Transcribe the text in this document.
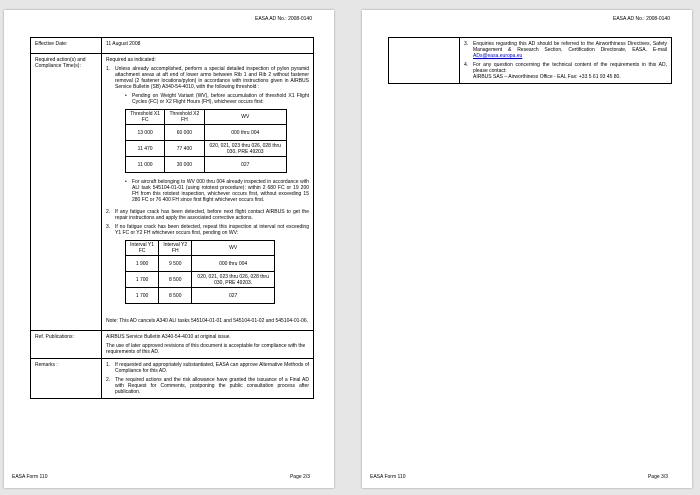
EASA AD No.: 2008-0140
Effective Date:	11 August 2008
Required action(s) and Compliance Time(s):	

Required as indicated:

1. Unless already accomplished, perform a special detailed inspection of pylon pyramid attachment areas at aft end of lower arms between Rib 1 and Rib 2 without fastener removal (2 fastener locations/pylon) in accordance with instructions given in AIRBUS Service Bulletin (SB) A340-54-4010, with the following threshold :
•	Pending on Weight Variant (WV), before accumulation of threshold X1 Flight Cycles (FC) or X2 Flight Hours (FH), whichever occurs first:
Threshold X1 FC	Threshold X2 FH	WV
13 000	60 000	000 thru 004
11 470	77 400	020, 021, 023 thru 026, 028 thru 030, PRE 49203
11 000	30 000	027
•	For aircraft belonging to WV 000 thru 004 already inspected in accordance with ALI task 545104-01-01 (using rototest procedure): within 2 680 FC or 19 200 FH from this rototest inspection, whichever occurs first, without exceeding 15 280 FC or 76 400 FH since first flight whichever occurs first.
2. If any fatigue crack has been detected, before next flight contact AIRBUS to get the repair instructions and apply the associated corrective actions.
3. If no fatigue crack has been detected, repeat this inspection at interval not exceeding Y1 FC or Y2 FH whichever occurs first, pending on WV:
Interval Y1 FC	Interval Y2 FH	WV
1 900	9 500	000 thru 004
1 700	8 500	020, 021, 023 thru 026, 028 thru 030, PRE 49203.
1 700	8 500	027

Note: This AD cancels A340 ALI tasks 545104-01-01 and 545104-01-02 and 545104-01-06.

Ref. Publications:	AIRBUS Service Bulletin A340-54-4010 at original issue.

The use of later approved revisions of this document is acceptable for compliance with the requirements of this AD.

Remarks :	1. If requested and appropriately substantiated, EASA can approve Alternative Methods of Compliance for this AD.
2. The required actions and the risk allowance have granted the issuance of a Final AD with Request for Comments, postponing the public consultation process after publication.
EASA Form 110	Page 2/3
EASA AD No.: 2008-0140

3. Enquiries regarding this AD should be referred to the Airworthiness Directives, Safety Management & Research Section, Certification Directorate, EASA. E-mail ADs@easa.europa.eu
4. For any question concerning the technical content of the requirements in this AD, please contact:
AIRBUS SAS – Airworthiness Office - EAL Fax: +33 5 61 93 45 80.
EASA Form 110	Page 3/3
